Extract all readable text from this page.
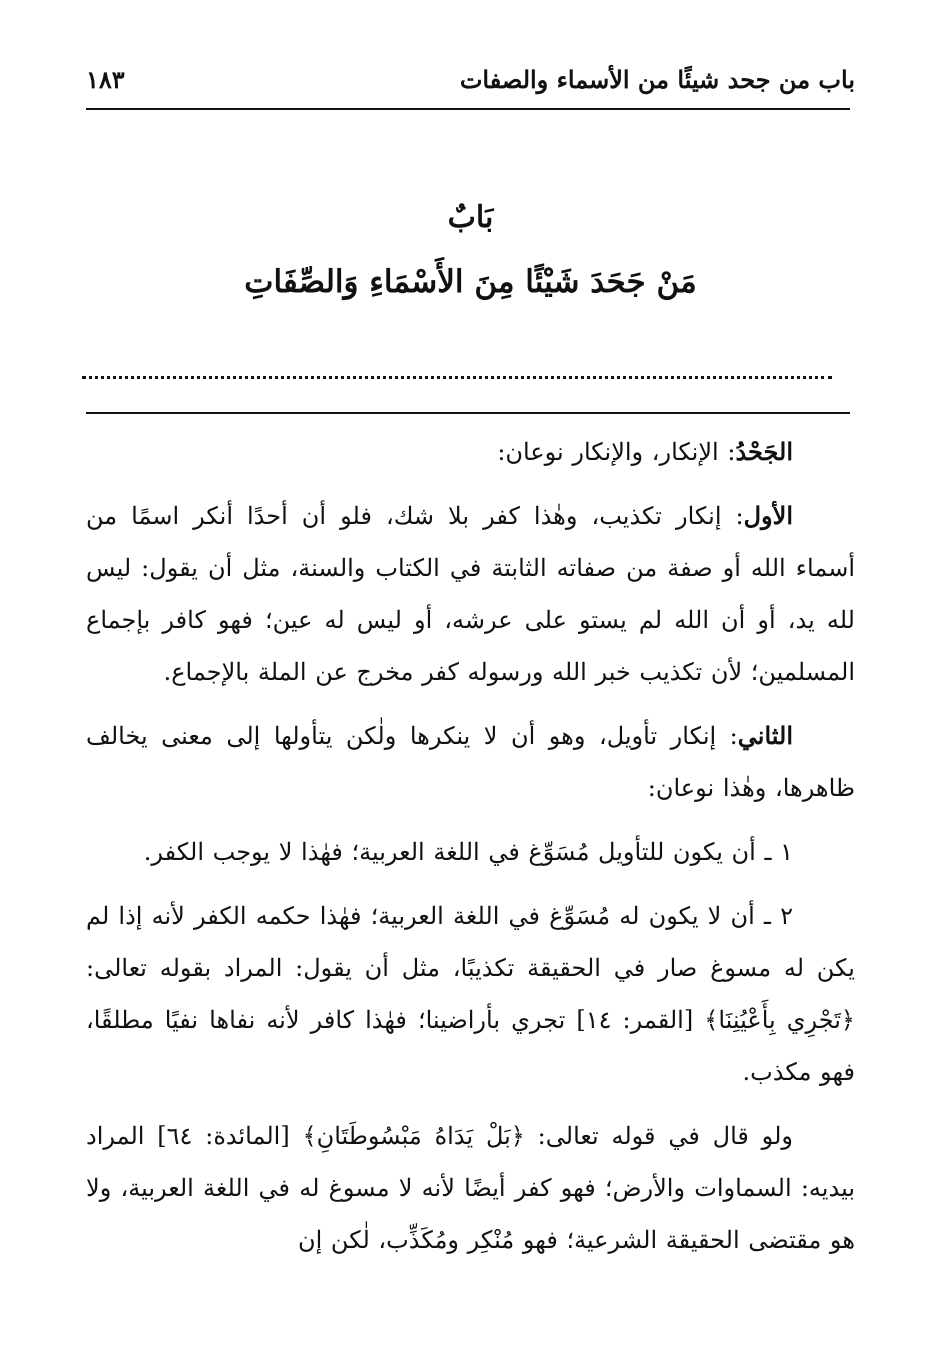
باب من جحد شيئًا من الأسماء والصفات
١٨٣
بَابٌ
مَنْ جَحَدَ شَيْئًا مِنَ الأَسْمَاءِ وَالصِّفَاتِ

الجَحْدُ: الإنكار، والإنكار نوعان:

الأول: إنكار تكذيب، وهٰذا كفر بلا شك، فلو أن أحدًا أنكر اسمًا من أسماء الله أو صفة من صفاته الثابتة في الكتاب والسنة، مثل أن يقول: ليس لله يد، أو أن الله لم يستو على عرشه، أو ليس له عين؛ فهو كافر بإجماع المسلمين؛ لأن تكذيب خبر الله ورسوله كفر مخرج عن الملة بالإجماع.

الثاني: إنكار تأويل، وهو أن لا ينكرها ولٰكن يتأولها إلى معنى يخالف ظاهرها، وهٰذا نوعان:

١ ـ أن يكون للتأويل مُسَوِّغ في اللغة العربية؛ فهٰذا لا يوجب الكفر.

٢ ـ أن لا يكون له مُسَوِّغ في اللغة العربية؛ فهٰذا حكمه الكفر لأنه إذا لم يكن له مسوغ صار في الحقيقة تكذيبًا، مثل أن يقول: المراد بقوله تعالى: ﴿تَجْرِي بِأَعْيُنِنَا﴾ [القمر: ١٤] تجري بأراضينا؛ فهٰذا كافر لأنه نفاها نفيًا مطلقًا، فهو مكذب.

ولو قال في قوله تعالى: ﴿بَلْ يَدَاهُ مَبْسُوطَتَانِ﴾ [المائدة: ٦٤] المراد بيديه: السماوات والأرض؛ فهو كفر أيضًا لأنه لا مسوغ له في اللغة العربية، ولا هو مقتضى الحقيقة الشرعية؛ فهو مُنْكِر ومُكَذِّب، لٰكن إن
